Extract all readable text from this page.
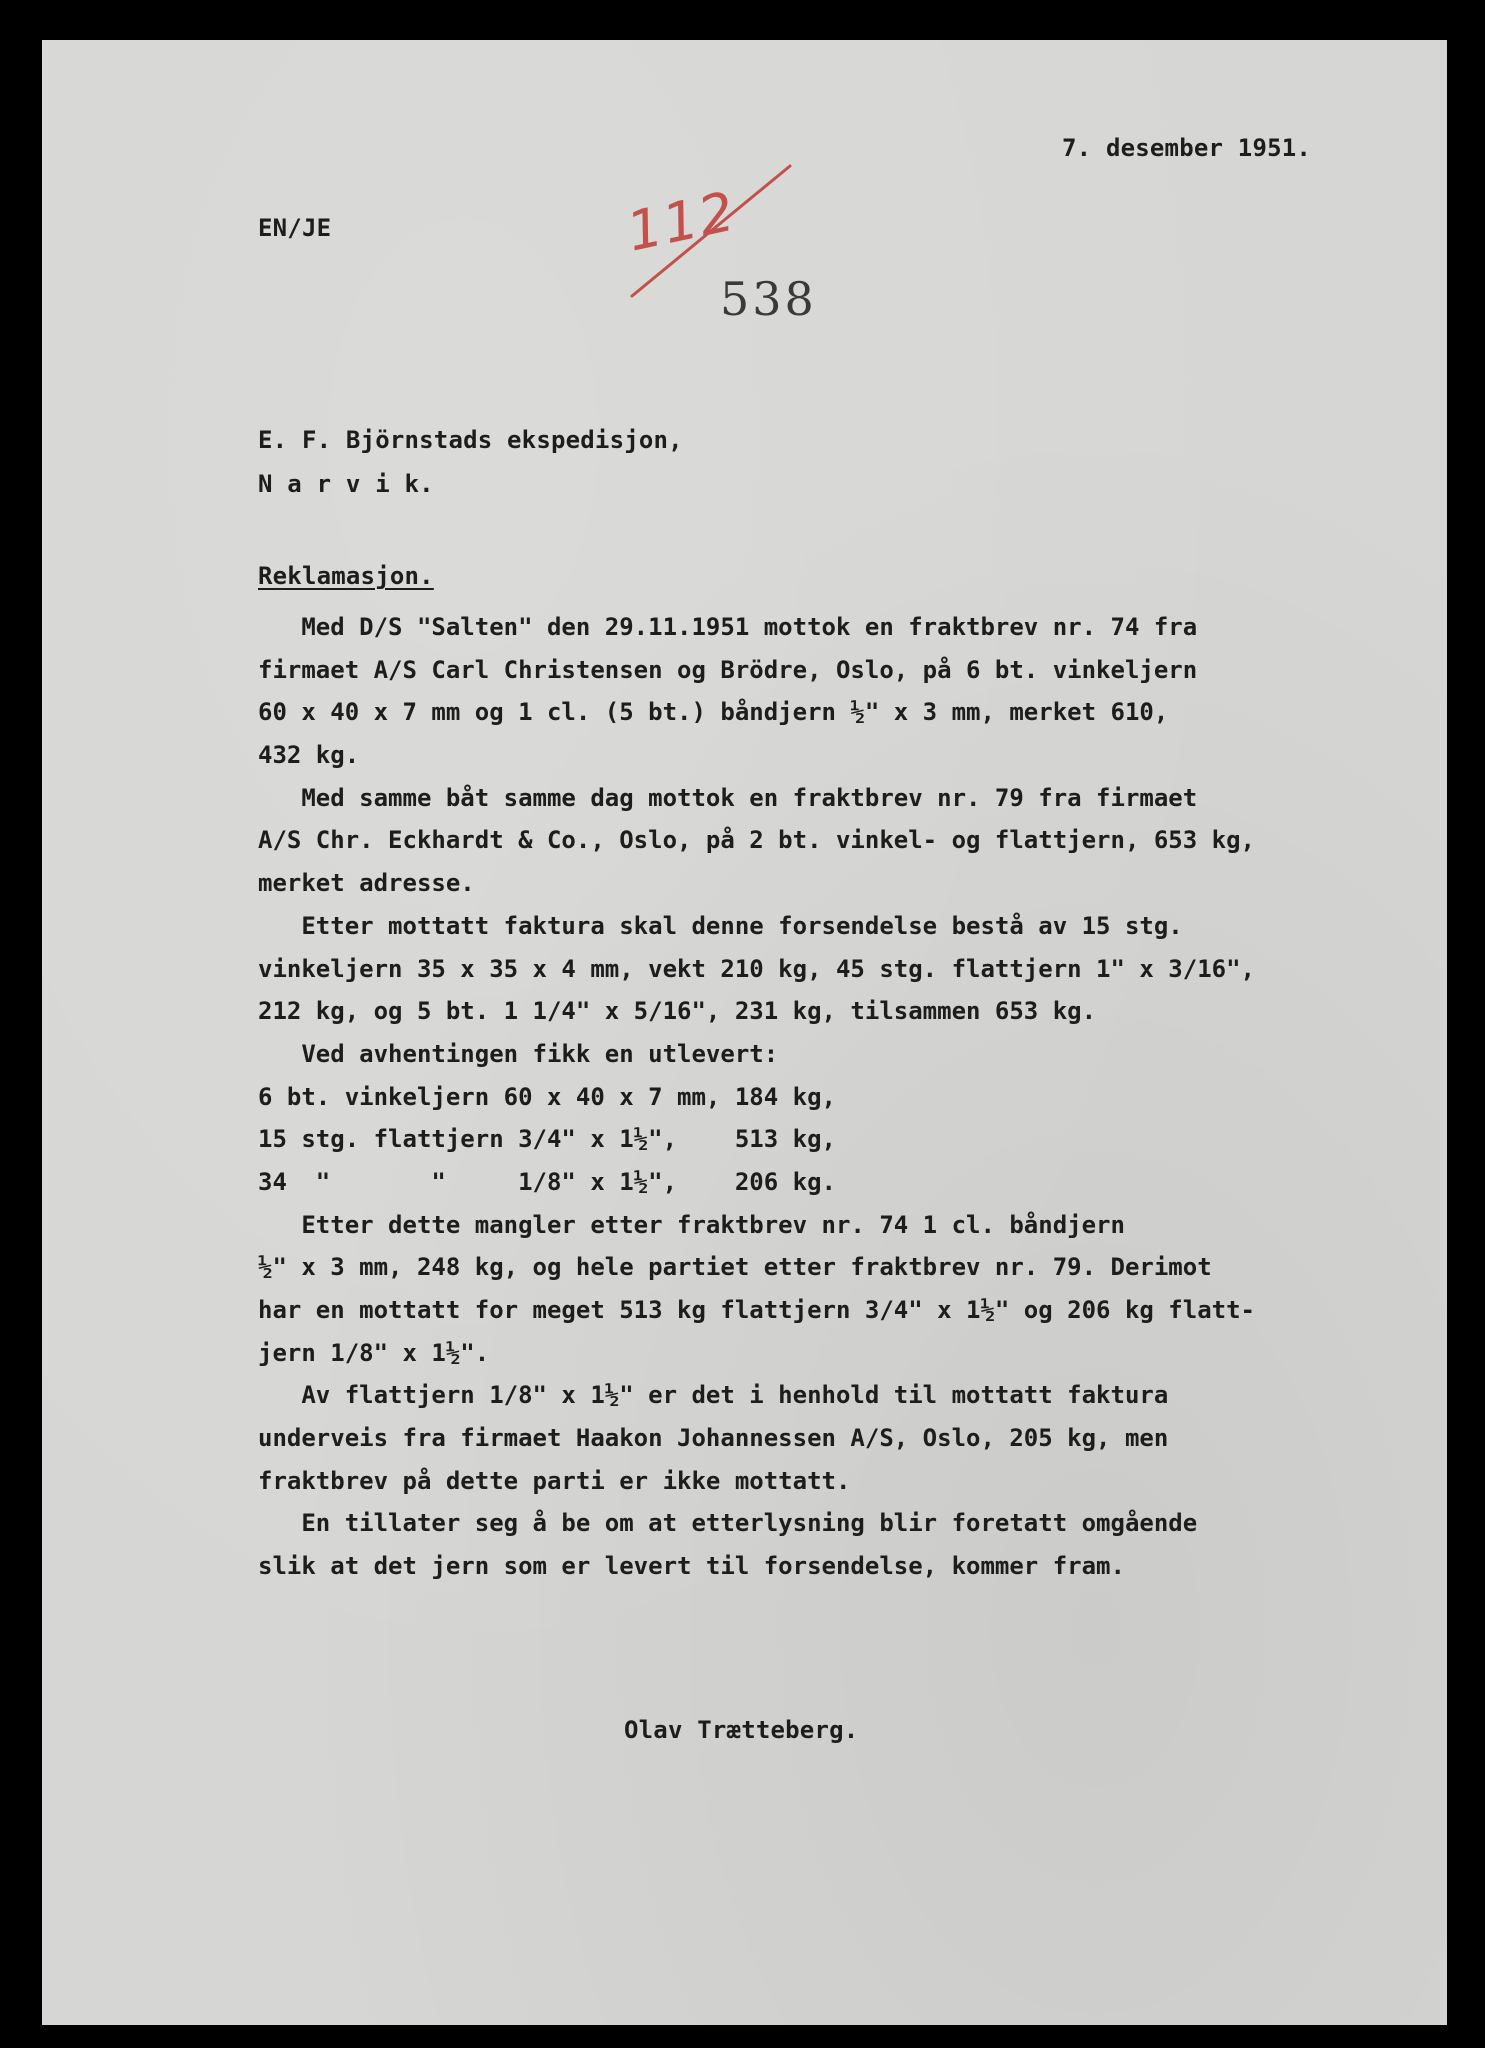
7. desember 1951.
EN/JE	112
538
E. F. Björnstads ekspedisjon,
N a r v i k.
Reklamasjon.
Med D/S "Salten" den 29.11.1951 mottok en fraktbrev nr. 74 fra
firmaet A/S Carl Christensen og Brödre, Oslo, på 6 bt. vinkeljern
60 x 40 x 7 mm og 1 cl. (5 bt.) båndjern ½" x 3 mm, merket 610,
432 kg.
Med samme båt samme dag mottok en fraktbrev nr. 79 fra firmaet
A/S Chr. Eckhardt & Co., Oslo, på 2 bt. vinkel- og flattjern, 653 kg,
merket adresse.
Etter mottatt faktura skal denne forsendelse bestå av 15 stg.
vinkeljern 35 x 35 x 4 mm, vekt 210 kg, 45 stg. flattjern 1" x 3/16",
212 kg, og 5 bt. 1 1/4" x 5/16", 231 kg, tilsammen 653 kg.
Ved avhentingen fikk en utlevert:
6 bt. vinkeljern 60 x 40 x 7 mm, 184 kg,
15 stg. flattjern 3/4" x 1½",    513 kg,
34  "       "     1/8" x 1½",    206 kg.
Etter dette mangler etter fraktbrev nr. 74 1 cl. båndjern
½" x 3 mm, 248 kg, og hele partiet etter fraktbrev nr. 79. Derimot
har en mottatt for meget 513 kg flattjern 3/4" x 1½" og 206 kg flatt-
jern 1/8" x 1½".
Av flattjern 1/8" x 1½" er det i henhold til mottatt faktura
underveis fra firmaet Haakon Johannessen A/S, Oslo, 205 kg, men
fraktbrev på dette parti er ikke mottatt.
En tillater seg å be om at etterlysning blir foretatt omgående
slik at det jern som er levert til forsendelse, kommer fram.
Olav Trætteberg.
